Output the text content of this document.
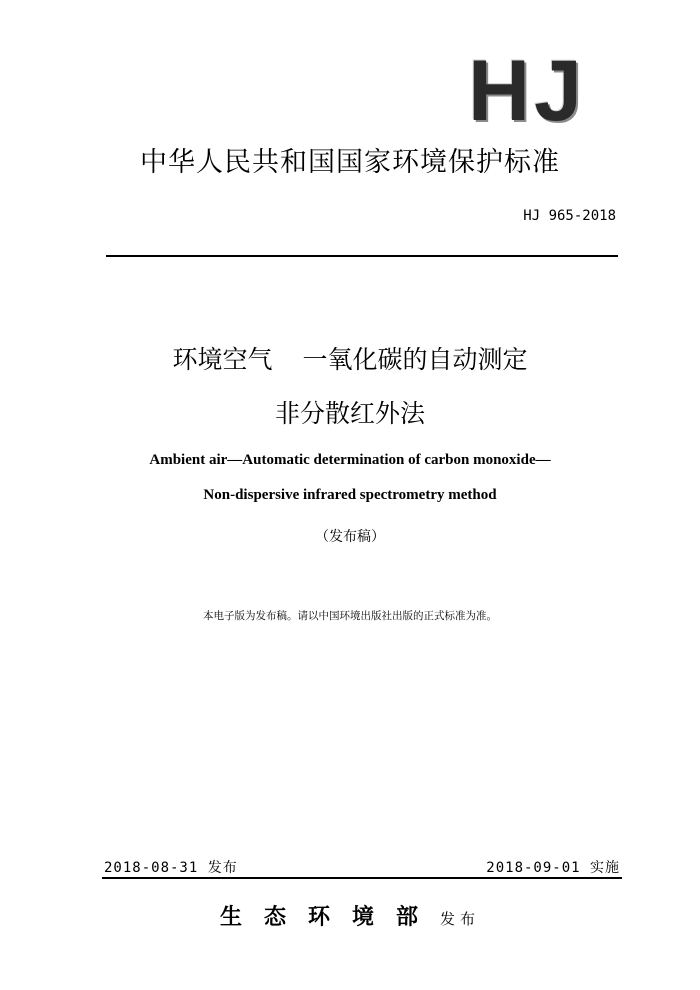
HJ
中华人民共和国国家环境保护标准
HJ 965-2018
环境空气 一氧化碳的自动测定
非分散红外法
Ambient air—Automatic determination of carbon monoxide—
Non-dispersive infrared spectrometry method
（发布稿）
本电子版为发布稿。请以中国环境出版社出版的正式标准为准。
2018-08-31 发布	2018-09-01 实施
生态环境部发布
